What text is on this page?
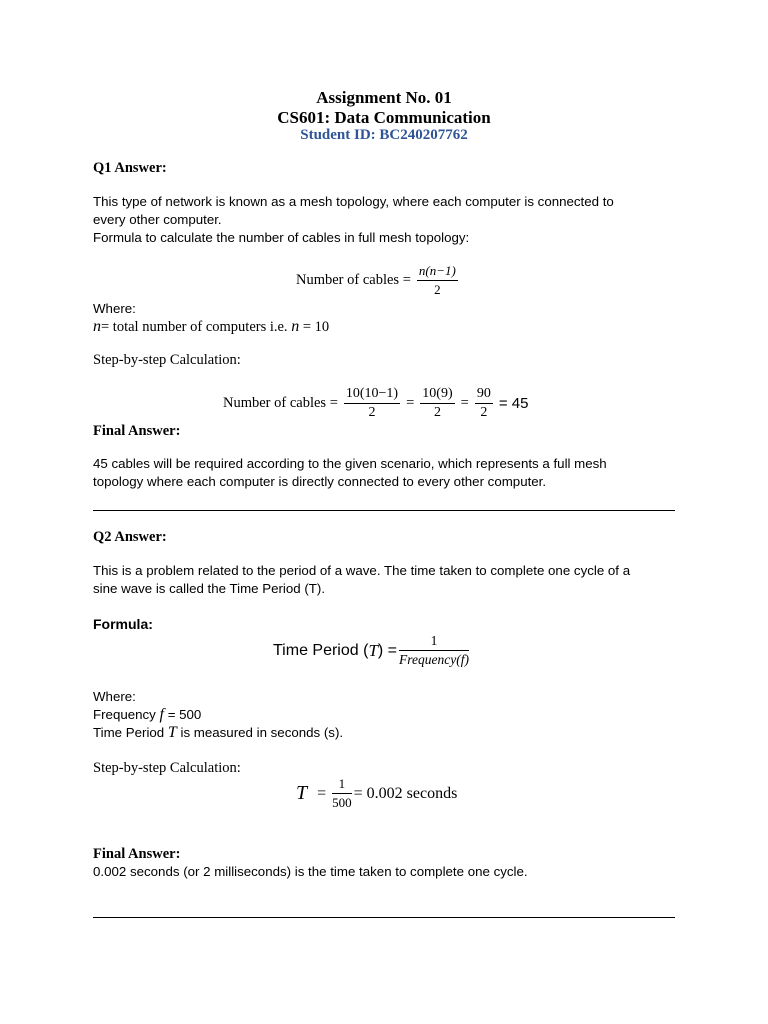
Assignment No. 01
CS601: Data Communication
Student ID: BC240207762
Q1 Answer:
This type of network is known as a mesh topology, where each computer is connected to
every other computer.
Formula to calculate the number of cables in full mesh topology:
Number of cables = $\frac{n(n-1)}{2}$
Where:
n= total number of computers i.e. n = 10
Step-by-step Calculation:
Number of cables = $\frac{10(10-1)}{2} = \frac{10(9)}{2} = \frac{90}{2} = 45$
Final Answer:
45 cables will be required according to the given scenario, which represents a full mesh
topology where each computer is directly connected to every other computer.
Q2 Answer:
This is a problem related to the period of a wave. The time taken to complete one cycle of a
sine wave is called the Time Period (T).
Formula:
Time Period ( T ) = $\frac{1}{\text{Frequency(f)}}$
Where:
Frequency f = 500
Time Period T is measured in seconds (s).
Step-by-step Calculation:
$T = \frac{1}{500} = 0.002$ seconds
Final Answer:
0.002 seconds (or 2 milliseconds) is the time taken to complete one cycle.
